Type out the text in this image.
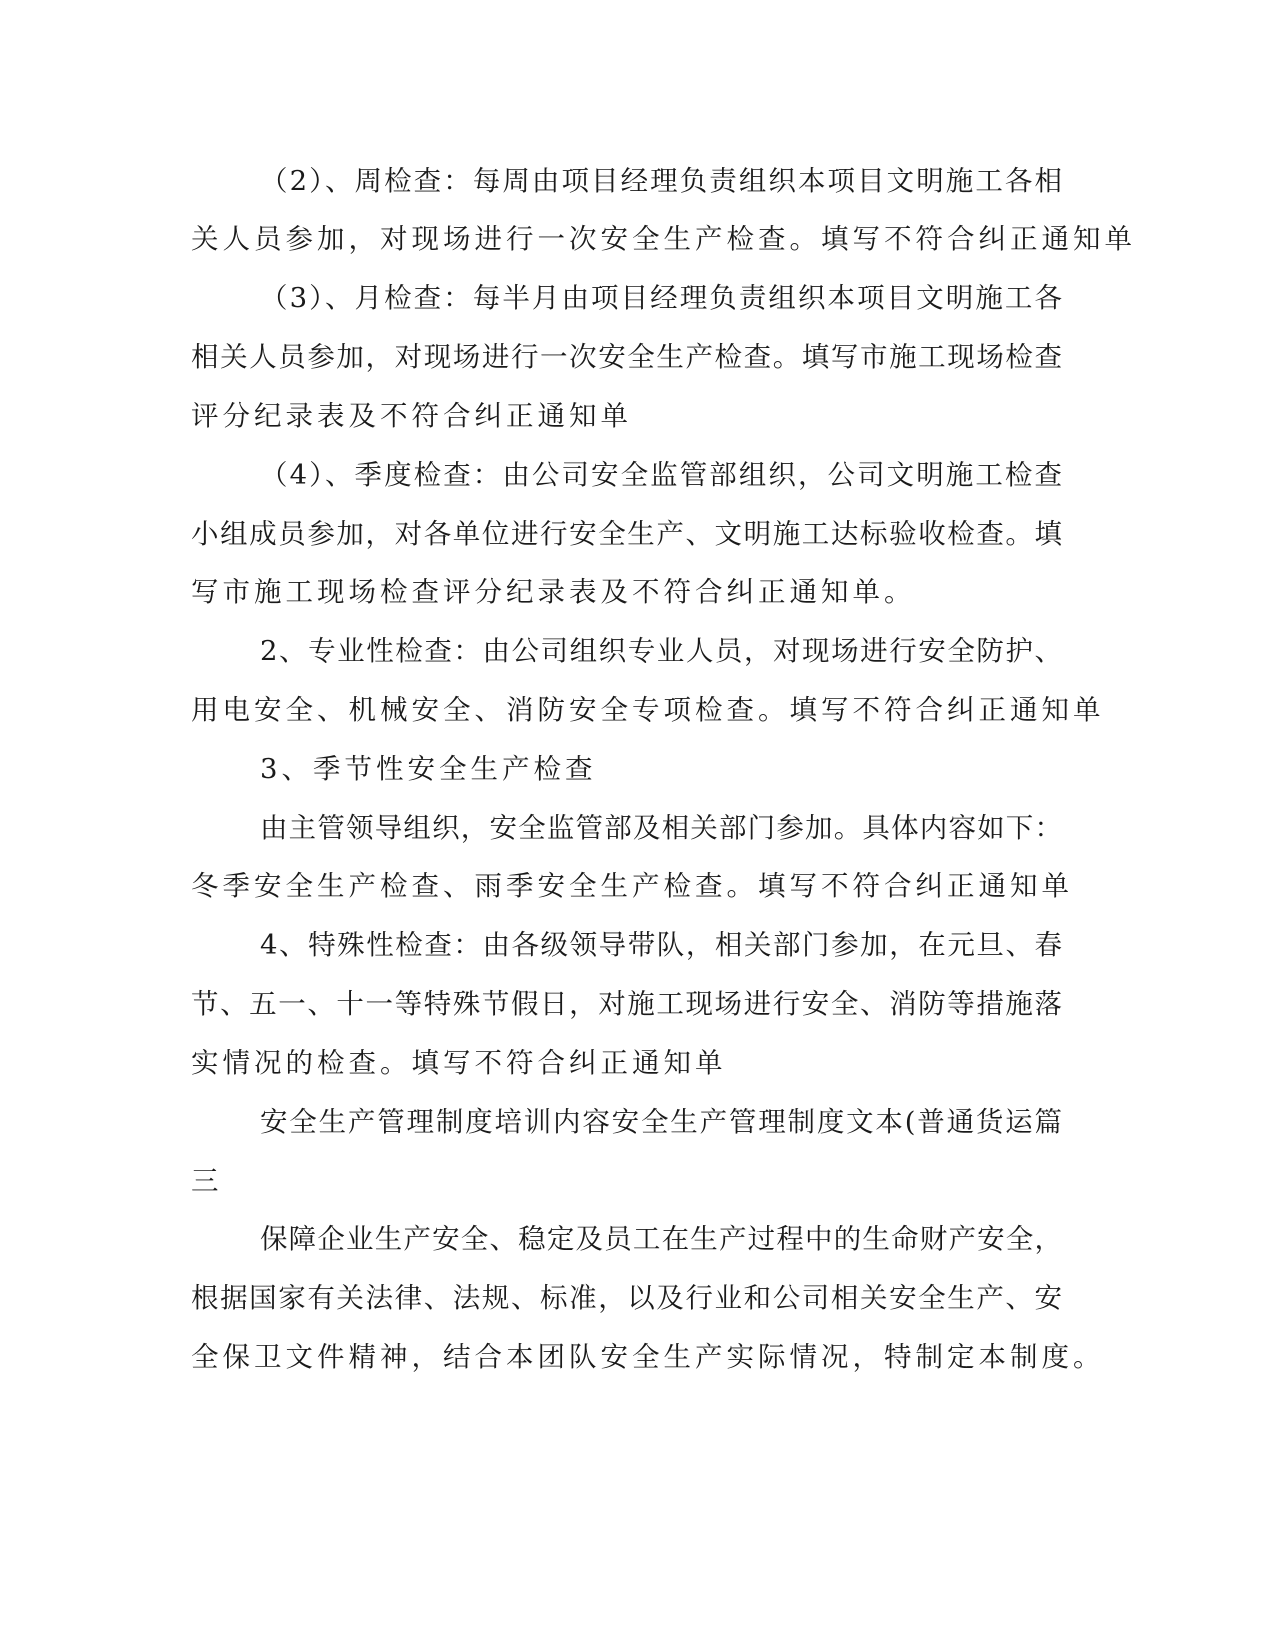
（2）、周检查：每周由项目经理负责组织本项目文明施工各相
关人员参加，对现场进行一次安全生产检查。填写不符合纠正通知单
（3）、月检查：每半月由项目经理负责组织本项目文明施工各
相关人员参加，对现场进行一次安全生产检查。填写市施工现场检查
评分纪录表及不符合纠正通知单
（4）、季度检查：由公司安全监管部组织，公司文明施工检查
小组成员参加，对各单位进行安全生产、文明施工达标验收检查。填
写市施工现场检查评分纪录表及不符合纠正通知单。
2、专业性检查：由公司组织专业人员，对现场进行安全防护、
用电安全、机械安全、消防安全专项检查。填写不符合纠正通知单
3、季节性安全生产检查
由主管领导组织，安全监管部及相关部门参加。具体内容如下：
冬季安全生产检查、雨季安全生产检查。填写不符合纠正通知单
4、特殊性检查：由各级领导带队，相关部门参加，在元旦、春
节、五一、十一等特殊节假日，对施工现场进行安全、消防等措施落
实情况的检查。填写不符合纠正通知单
安全生产管理制度培训内容安全生产管理制度文本(普通货运篇
三
保障企业生产安全、稳定及员工在生产过程中的生命财产安全，
根据国家有关法律、法规、标准，以及行业和公司相关安全生产、安
全保卫文件精神，结合本团队安全生产实际情况，特制定本制度。
